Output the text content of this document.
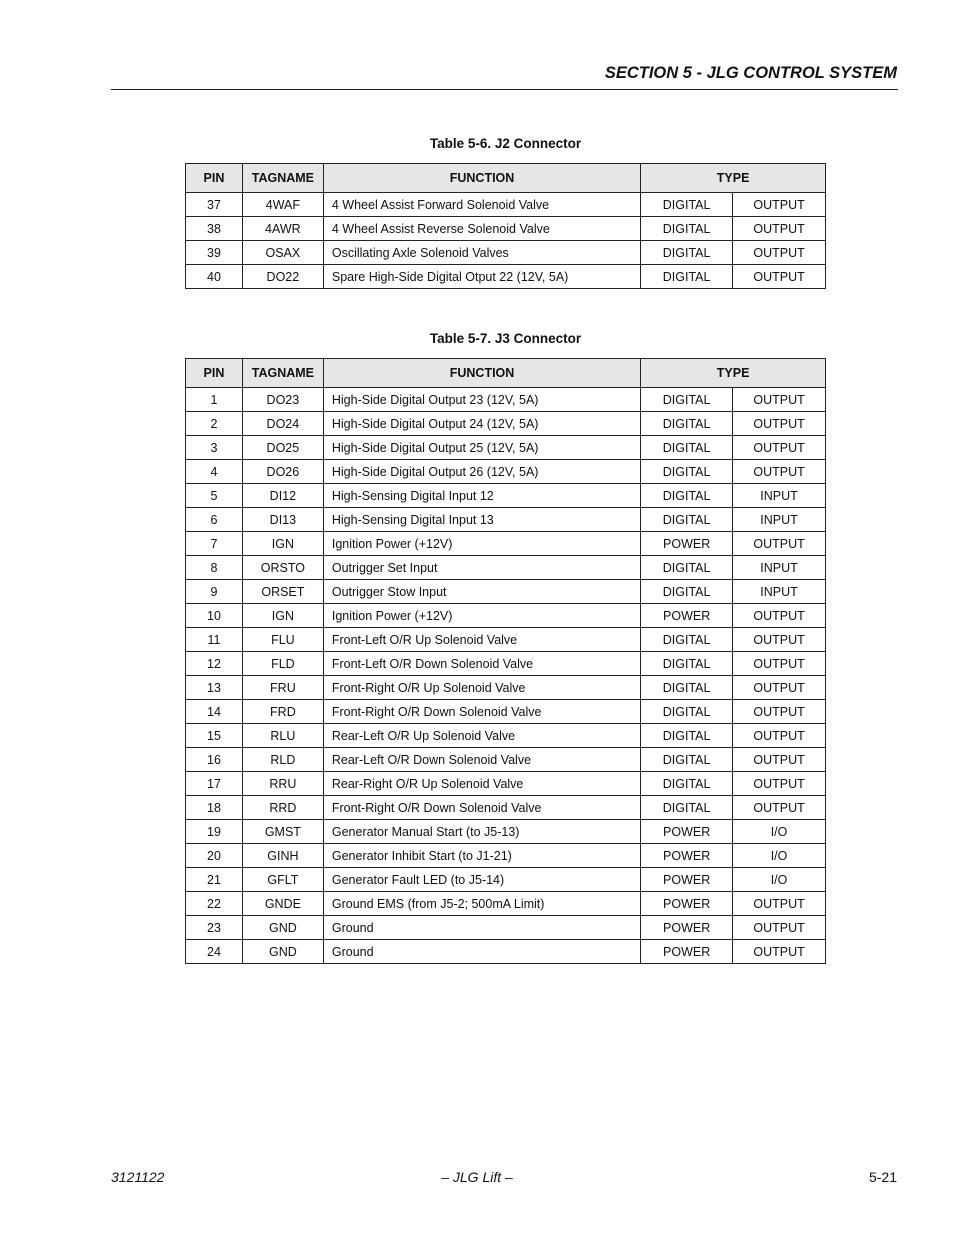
SECTION 5 - JLG CONTROL SYSTEM
Table 5-6. J2 Connector
PIN	TAGNAME	FUNCTION	TYPE	
37	4WAF	4 Wheel Assist Forward Solenoid Valve	DIGITAL	OUTPUT
38	4AWR	4 Wheel Assist Reverse Solenoid Valve	DIGITAL	OUTPUT
39	OSAX	Oscillating Axle Solenoid Valves	DIGITAL	OUTPUT
40	DO22	Spare High-Side Digital Otput 22 (12V, 5A)	DIGITAL	OUTPUT
Table 5-7. J3 Connector
PIN	TAGNAME	FUNCTION	TYPE	
1	DO23	High-Side Digital Output 23 (12V, 5A)	DIGITAL	OUTPUT
2	DO24	High-Side Digital Output 24 (12V, 5A)	DIGITAL	OUTPUT
3	DO25	High-Side Digital Output 25 (12V, 5A)	DIGITAL	OUTPUT
4	DO26	High-Side Digital Output 26 (12V, 5A)	DIGITAL	OUTPUT
5	DI12	High-Sensing Digital Input 12	DIGITAL	INPUT
6	DI13	High-Sensing Digital Input 13	DIGITAL	INPUT
7	IGN	Ignition Power (+12V)	POWER	OUTPUT
8	ORSTO	Outrigger Set Input	DIGITAL	INPUT
9	ORSET	Outrigger Stow Input	DIGITAL	INPUT
10	IGN	Ignition Power (+12V)	POWER	OUTPUT
11	FLU	Front-Left O/R Up Solenoid Valve	DIGITAL	OUTPUT
12	FLD	Front-Left O/R Down Solenoid Valve	DIGITAL	OUTPUT
13	FRU	Front-Right O/R Up Solenoid Valve	DIGITAL	OUTPUT
14	FRD	Front-Right O/R Down Solenoid Valve	DIGITAL	OUTPUT
15	RLU	Rear-Left O/R Up Solenoid Valve	DIGITAL	OUTPUT
16	RLD	Rear-Left O/R Down Solenoid Valve	DIGITAL	OUTPUT
17	RRU	Rear-Right O/R Up Solenoid Valve	DIGITAL	OUTPUT
18	RRD	Front-Right O/R Down Solenoid Valve	DIGITAL	OUTPUT
19	GMST	Generator Manual Start (to J5-13)	POWER	I/O
20	GINH	Generator Inhibit Start (to J1-21)	POWER	I/O
21	GFLT	Generator Fault LED (to J5-14)	POWER	I/O
22	GNDE	Ground EMS (from J5-2; 500mA Limit)	POWER	OUTPUT
23	GND	Ground	POWER	OUTPUT
24	GND	Ground	POWER	OUTPUT
3121122	– JLG Lift –	5-21
